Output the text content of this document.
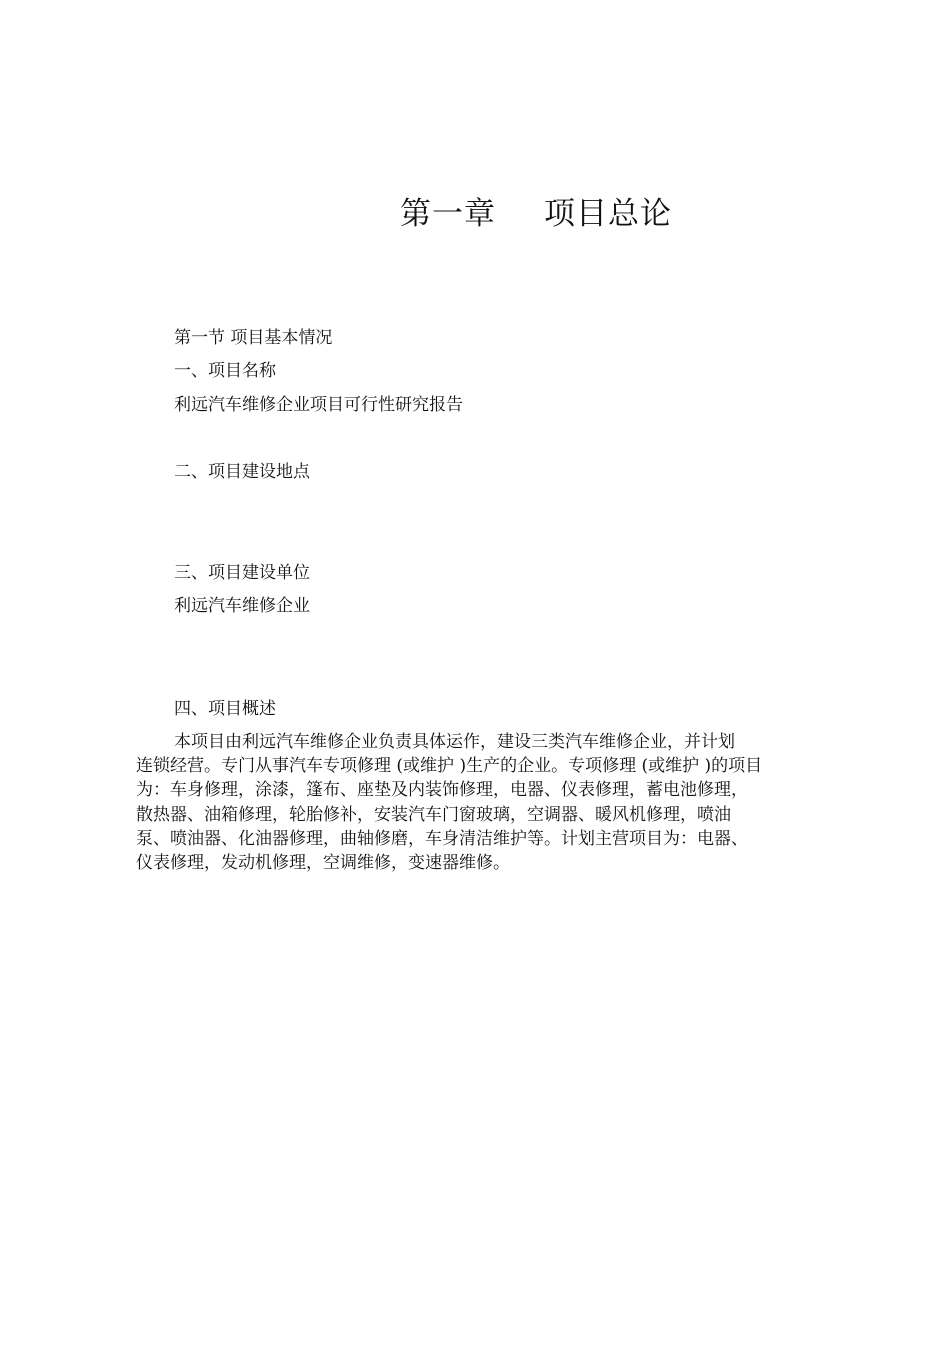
第一章 项目总论
第一节 项目基本情况
一、项目名称
利远汽车维修企业项目可行性研究报告
二、项目建设地点
三、项目建设单位
利远汽车维修企业
四、项目概述
本项目由利远汽车维修企业负责具体运作，建设三类汽车维修企业，并计划
连锁经营。专门从事汽车专项修理 (或维护 )生产的企业。专项修理 (或维护 )的项目
为：车身修理，涂漆，篷布、座垫及内装饰修理，电器、仪表修理，蓄电池修理，
散热器、油箱修理，轮胎修补，安装汽车门窗玻璃，空调器、暖风机修理，喷油
泵、喷油器、化油器修理，曲轴修磨，车身清洁维护等。计划主营项目为：电器、
仪表修理，发动机修理，空调维修，变速器维修。
